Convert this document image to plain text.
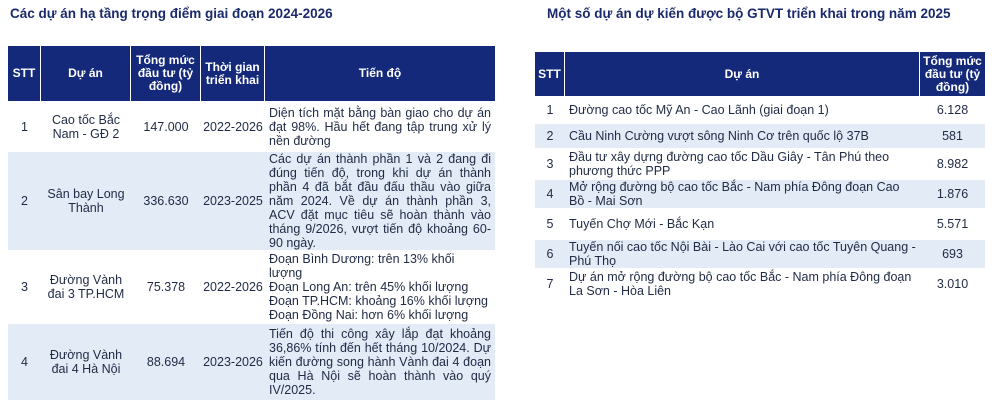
Các dự án hạ tầng trọng điểm giai đoạn 2024-2026	Một số dự án dự kiến được bộ GTVT triển khai trong năm 2025
STT	Dự án	Tổng mức đầu tư (tỷ đồng)	Thời gian triển khai	Tiến độ
1	Cao tốc Bắc Nam - GĐ 2	147.000	2022-2026	Diện tích mặt bằng bàn giao cho dự án đạt 98%. Hầu hết đang tập trung xử lý nền đường
2	Sân bay Long Thành	336.630	2023-2025	Các dự án thành phần 1 và 2 đang đi đúng tiến độ, trong khi dự án thành phần 4 đã bắt đầu đấu thầu vào giữa năm 2024. Về dự án thành phần 3, ACV đặt mục tiêu sẽ hoàn thành vào tháng 9/2026, vượt tiến độ khoảng 60-90 ngày.
3	Đường Vành đai 3 TP.HCM	75.378	2022-2026	Đoạn Bình Dương: trên 13% khối lượng
Đoạn Long An: trên 45% khối lượng
Đoạn TP.HCM: khoảng 16% khối lượng
Đoạn Đồng Nai: hơn 6% khối lượng

4	Đường Vành đai 4 Hà Nội	88.694	2023-2026	Tiến độ thi công xây lắp đạt khoảng 36,86% tính đến hết tháng 10/2024. Dự kiến đường song hành Vành đai 4 đoạn qua Hà Nội sẽ hoàn thành vào quý IV/2025.
STT	Dự án	Tổng mức đầu tư (tỷ đồng)
1	Đường cao tốc Mỹ An - Cao Lãnh (giai đoạn 1)	6.128
2	Cầu Ninh Cường vượt sông Ninh Cơ trên quốc lộ 37B	581
3	Đầu tư xây dựng đường cao tốc Dầu Giây - Tân Phú theo phương thức PPP	8.982
4	Mở rộng đường bộ cao tốc Bắc - Nam phía Đông đoạn Cao Bồ - Mai Sơn	1.876
5	Tuyến Chợ Mới - Bắc Kạn	5.571
6	Tuyến nối cao tốc Nội Bài - Lào Cai với cao tốc Tuyên Quang - Phú Thọ	693
7	Dự án mở rộng đường bộ cao tốc Bắc - Nam phía Đông đoạn La Sơn - Hòa Liên	3.010
